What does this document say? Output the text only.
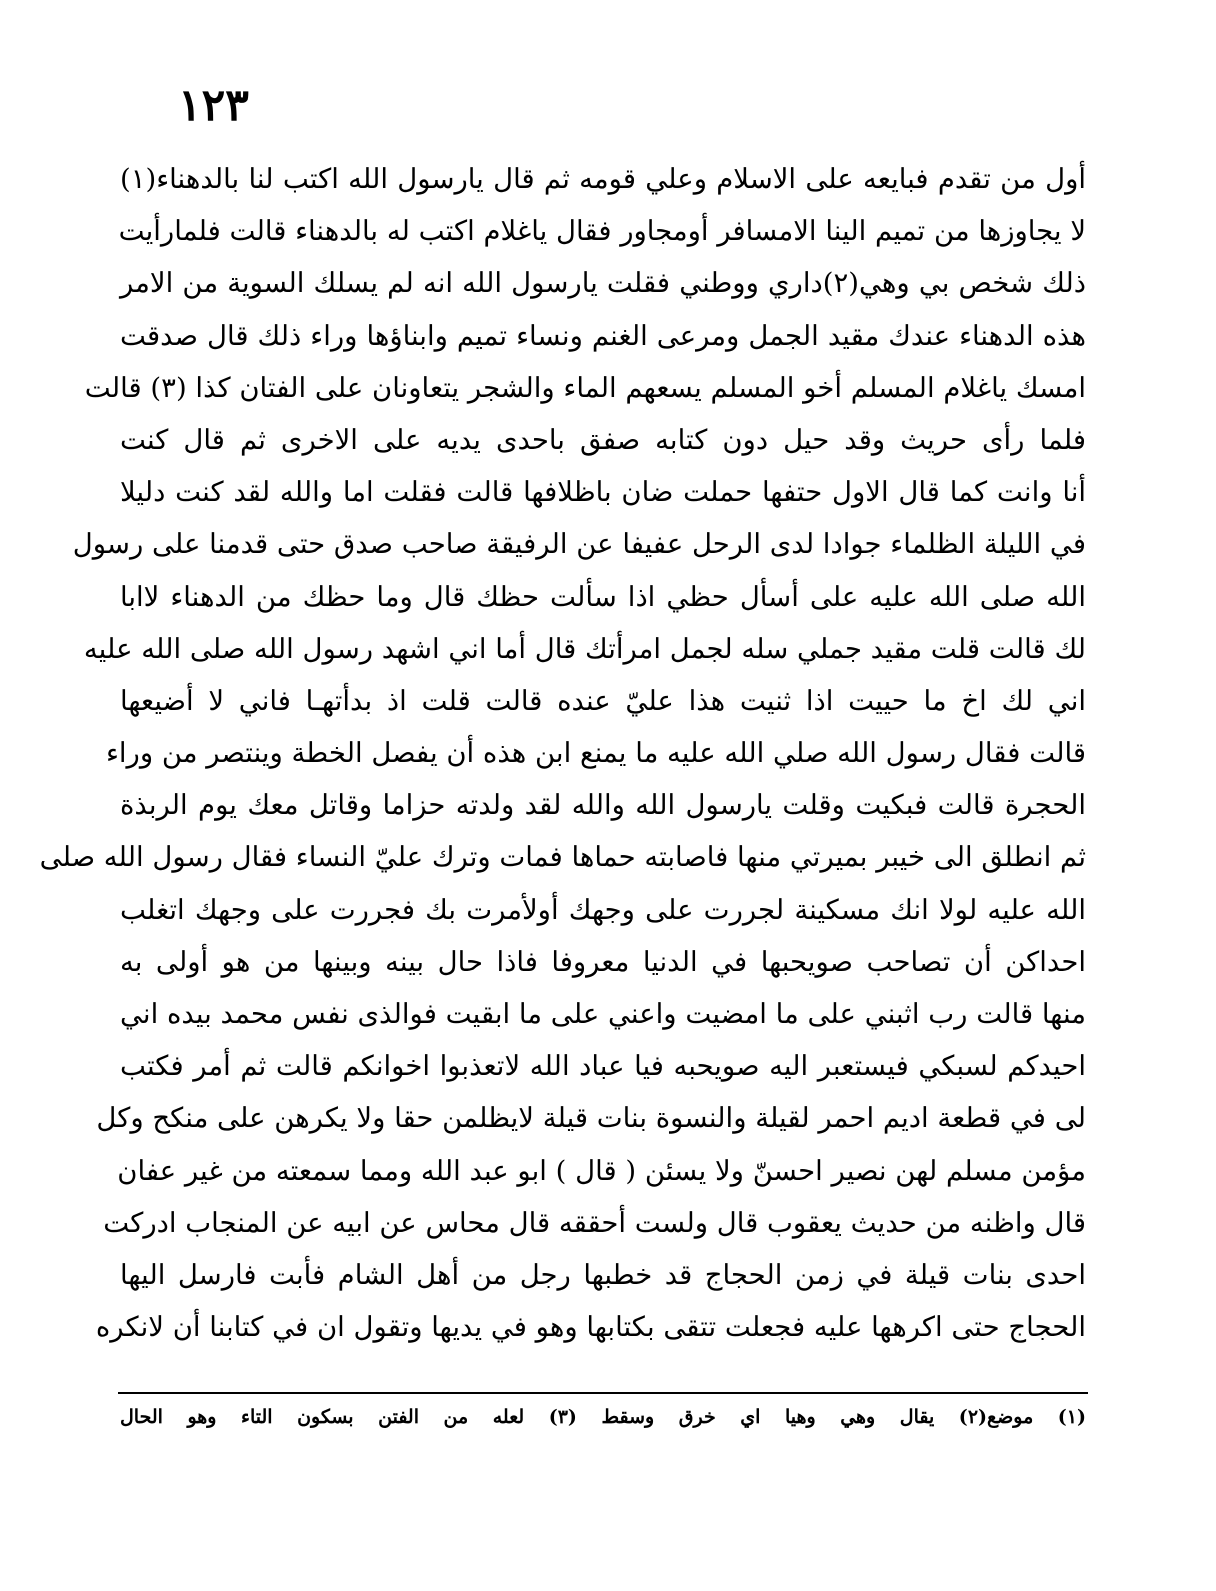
١٢٣
أول من تقدم فبايعه على الاسلام وعلي قومه ثم قال يارسول الله اكتب لنا بالدهناء(١)
لا يجاوزها من تميم الينا الامسافر أومجاور فقال ياغلام اكتب له بالدهناء قالت فلمارأيت
ذلك شخص بي وهي(٢)داري ووطني فقلت يارسول الله انه لم يسلك السوية من الامر
هذه الدهناء عندك مقيد الجمل ومرعى الغنم ونساء تميم وابناؤها وراء ذلك قال صدقت
امسك ياغلام المسلم أخو المسلم يسعهم الماء والشجر يتعاونان على الفتان كذا (٣) قالت
فلما رأى حريث وقد حيل دون كتابه صفق باحدى يديه على الاخرى ثم قال كنت
أنا وانت كما قال الاول حتفها حملت ضان باظلافها قالت فقلت اما والله لقد كنت دليلا
في الليلة الظلماء جوادا لدى الرحل عفيفا عن الرفيقة صاحب صدق حتى قدمنا على رسول
الله صلى الله عليه على أسأل حظي اذا سألت حظك قال وما حظك من الدهناء لاابا
لك قالت قلت مقيد جملي سله لجمل امرأتك قال أما اني اشهد رسول الله صلى الله عليه
اني لك اخ ما حييت اذا ثنيت هذا عليّ عنده قالت قلت اذ بدأتهـا فاني لا أضيعها
قالت فقال رسول الله صلي الله عليه ما يمنع ابن هذه أن يفصل الخطة وينتصر من وراء
الحجرة قالت فبكيت وقلت يارسول الله والله لقد ولدته حزاما وقاتل معك يوم الربذة
ثم انطلق الى خيبر بميرتي منها فاصابته حماها فمات وترك عليّ النساء فقال رسول الله صلى
الله عليه لولا انك مسكينة لجررت على وجهك أولأمرت بك فجررت على وجهك اتغلب
احداكن أن تصاحب صويحبها في الدنيا معروفا فاذا حال بينه وبينها من هو أولى به
منها قالت رب اثبني على ما امضيت واعني على ما ابقيت فوالذى نفس محمد بيده اني
احيدكم لسبكي فيستعبر اليه صويحبه فيا عباد الله لاتعذبوا اخوانكم قالت ثم أمر فكتب
لى في قطعة اديم احمر لقيلة والنسوة بنات قيلة لايظلمن حقا ولا يكرهن على منكح وكل
مؤمن مسلم لهن نصير احسنّ ولا يسئن ( قال ) ابو عبد الله ومما سمعته من غير عفان
قال واظنه من حديث يعقوب قال ولست أحققه قال محاس عن ابيه عن المنجاب ادركت
احدى بنات قيلة في زمن الحجاج قد خطبها رجل من أهل الشام فأبت فارسل اليها
الحجاج حتى اكرهها عليه فجعلت تتقى بكتابها وهو في يديها وتقول ان في كتابنا أن لانكره
(١) موضع(٢) يقال وهي وهيا اي خرق وسقط (٣) لعله من الفتن بسكون التاء وهو الحال
